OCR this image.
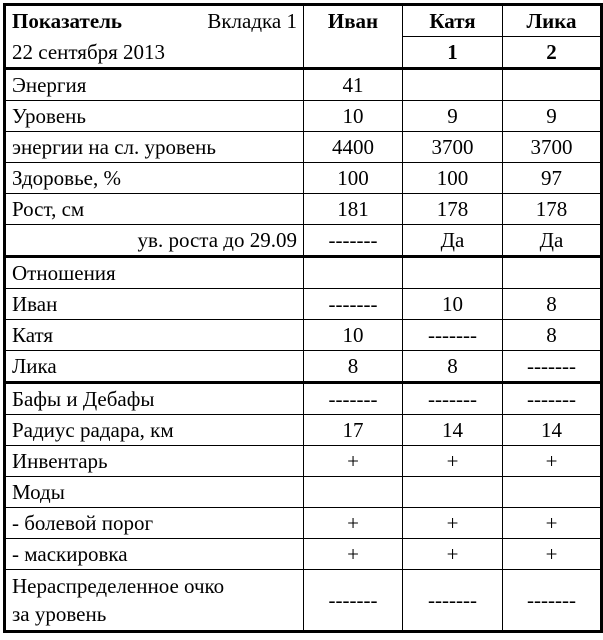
Показатель Вкладка 1	Иван	Катя	Лика
22 сентября 2013		1	2
Энергия	41		
Уровень	10	9	9
энергии на сл. уровень	4400	3700	3700
Здоровье, %	100	100	97
Рост, см	181	178	178
ув. роста до 29.09	-------	Да	Да
Отношения			
Иван	-------	10	8
Катя	10	-------	8
Лика	8	8	-------
Бафы и Дебафы	-------	-------	-------
Радиус радара, км	17	14	14
Инвентарь	+	+	+
Моды			
- болевой порог	+	+	+
- маскировка	+	+	+

Нераспределенное очко
за уровень	-------	-------	-------
